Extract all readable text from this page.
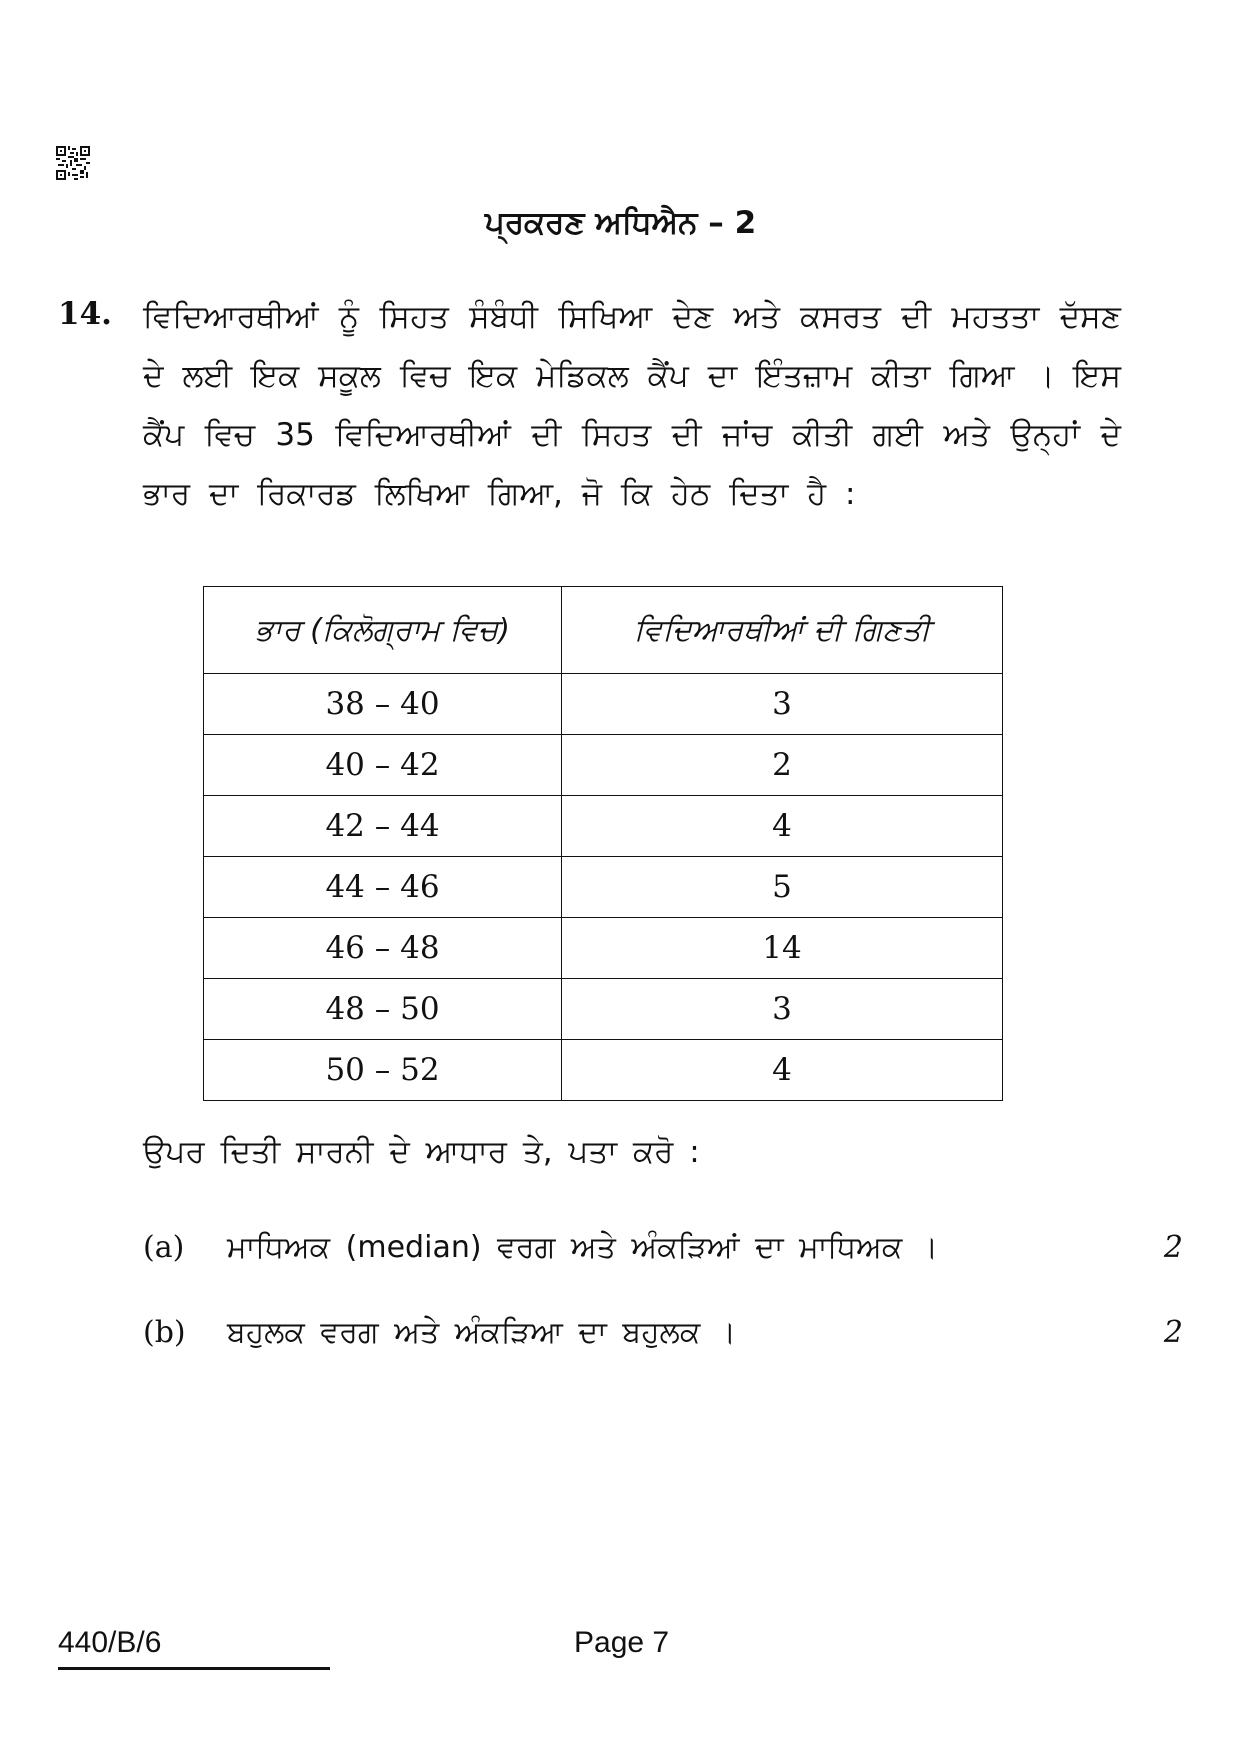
ਪ੍ਰਕਰਣ ਅਧਿਐਨ – 2
14. ਵਿਦਿਆਰਥੀਆਂ ਨੂੰ ਸਿਹਤ ਸੰਬੰਧੀ ਸਿਖਿਆ ਦੇਣ ਅਤੇ ਕਸਰਤ ਦੀ ਮਹਤਤਾ ਦੱਸਣ ਦੇ ਲਈ ਇਕ ਸਕੂਲ ਵਿਚ ਇਕ ਮੇਡਿਕਲ ਕੈਂਪ ਦਾ ਇੰਤਜ਼ਾਮ ਕੀਤਾ ਗਿਆ । ਇਸ ਕੈਂਪ ਵਿਚ 35 ਵਿਦਿਆਰਥੀਆਂ ਦੀ ਸਿਹਤ ਦੀ ਜਾਂਚ ਕੀਤੀ ਗਈ ਅਤੇ ਉਨ੍ਹਾਂ ਦੇ ਭਾਰ ਦਾ ਰਿਕਾਰਡ ਲਿਖਿਆ ਗਿਆ, ਜੋ ਕਿ ਹੇਠ ਦਿਤਾ ਹੈ :
ਭਾਰ (ਕਿਲੋਗ੍ਰਾਮ ਵਿਚ)	ਵਿਦਿਆਰਥੀਆਂ ਦੀ ਗਿਣਤੀ
38 – 40	3
40 – 42	2
42 – 44	4
44 – 46	5
46 – 48	14
48 – 50	3
50 – 52	4
ਉਪਰ ਦਿਤੀ ਸਾਰਨੀ ਦੇ ਆਧਾਰ ਤੇ, ਪਤਾ ਕਰੋ :
(a) ਮਾਧਿਅਕ (median) ਵਰਗ ਅਤੇ ਅੰਕੜਿਆਂ ਦਾ ਮਾਧਿਅਕ ।	2
(b) ਬਹੁਲਕ ਵਰਗ ਅਤੇ ਅੰਕੜਿਆ ਦਾ ਬਹੁਲਕ ।	2
440/B/6	Page 7
